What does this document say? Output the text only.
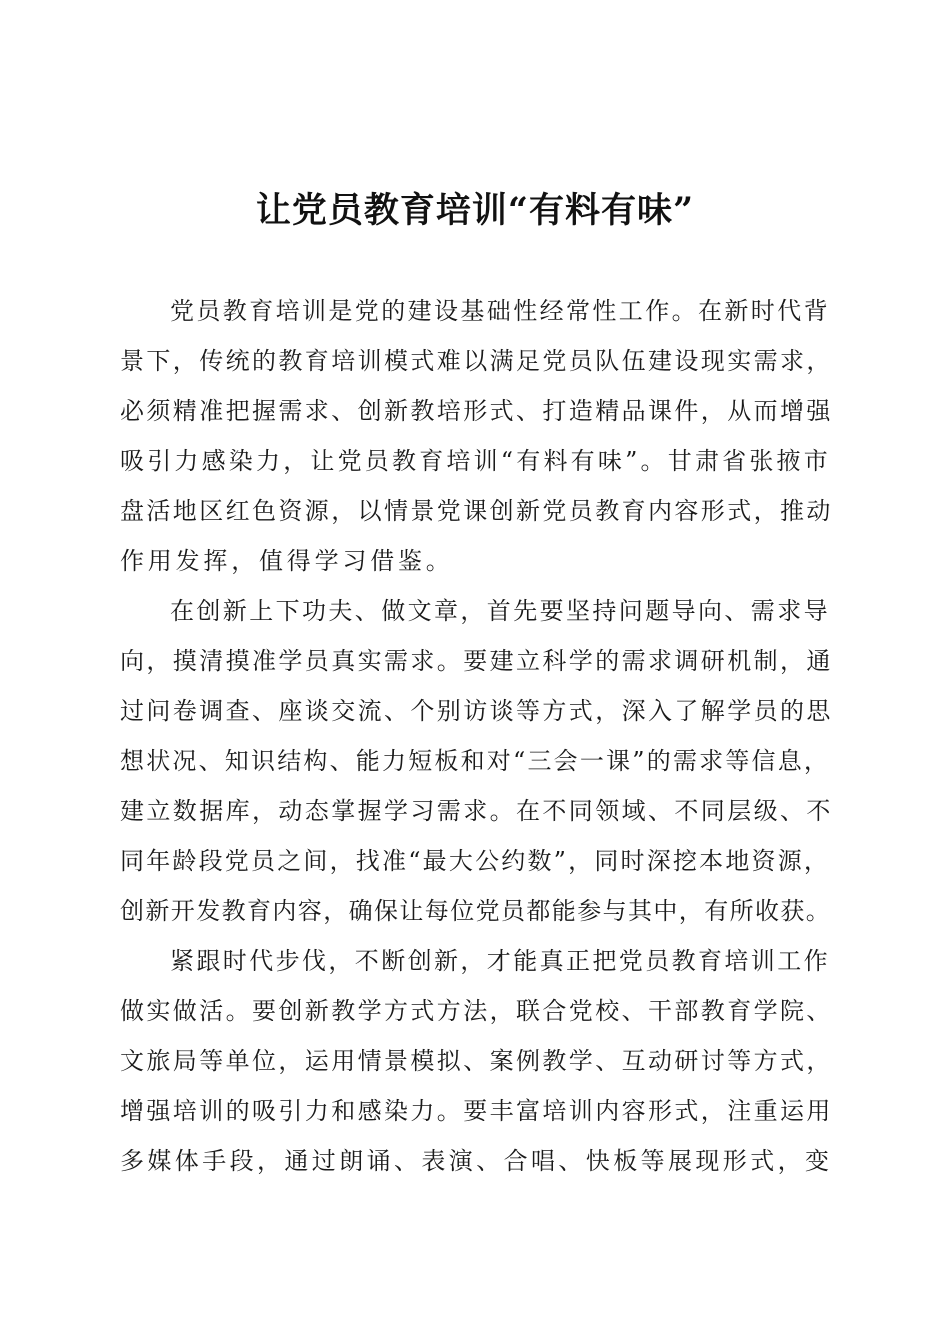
让党员教育培训“有料有味”

党员教育培训是党的建设基础性经常性工作。在新时代背

景下，传统的教育培训模式难以满足党员队伍建设现实需求，

必须精准把握需求、创新教培形式、打造精品课件，从而增强

吸引力感染力，让党员教育培训“有料有味”。甘肃省张掖市

盘活地区红色资源，以情景党课创新党员教育内容形式，推动

作用发挥，值得学习借鉴。

在创新上下功夫、做文章，首先要坚持问题导向、需求导

向，摸清摸准学员真实需求。要建立科学的需求调研机制，通

过问卷调查、座谈交流、个别访谈等方式，深入了解学员的思

想状况、知识结构、能力短板和对“三会一课”的需求等信息，

建立数据库，动态掌握学习需求。在不同领域、不同层级、不

同年龄段党员之间，找准“最大公约数”，同时深挖本地资源，

创新开发教育内容，确保让每位党员都能参与其中，有所收获。

紧跟时代步伐，不断创新，才能真正把党员教育培训工作

做实做活。要创新教学方式方法，联合党校、干部教育学院、

文旅局等单位，运用情景模拟、案例教学、互动研讨等方式，

增强培训的吸引力和感染力。要丰富培训内容形式，注重运用

多媒体手段，通过朗诵、表演、合唱、快板等展现形式，变
